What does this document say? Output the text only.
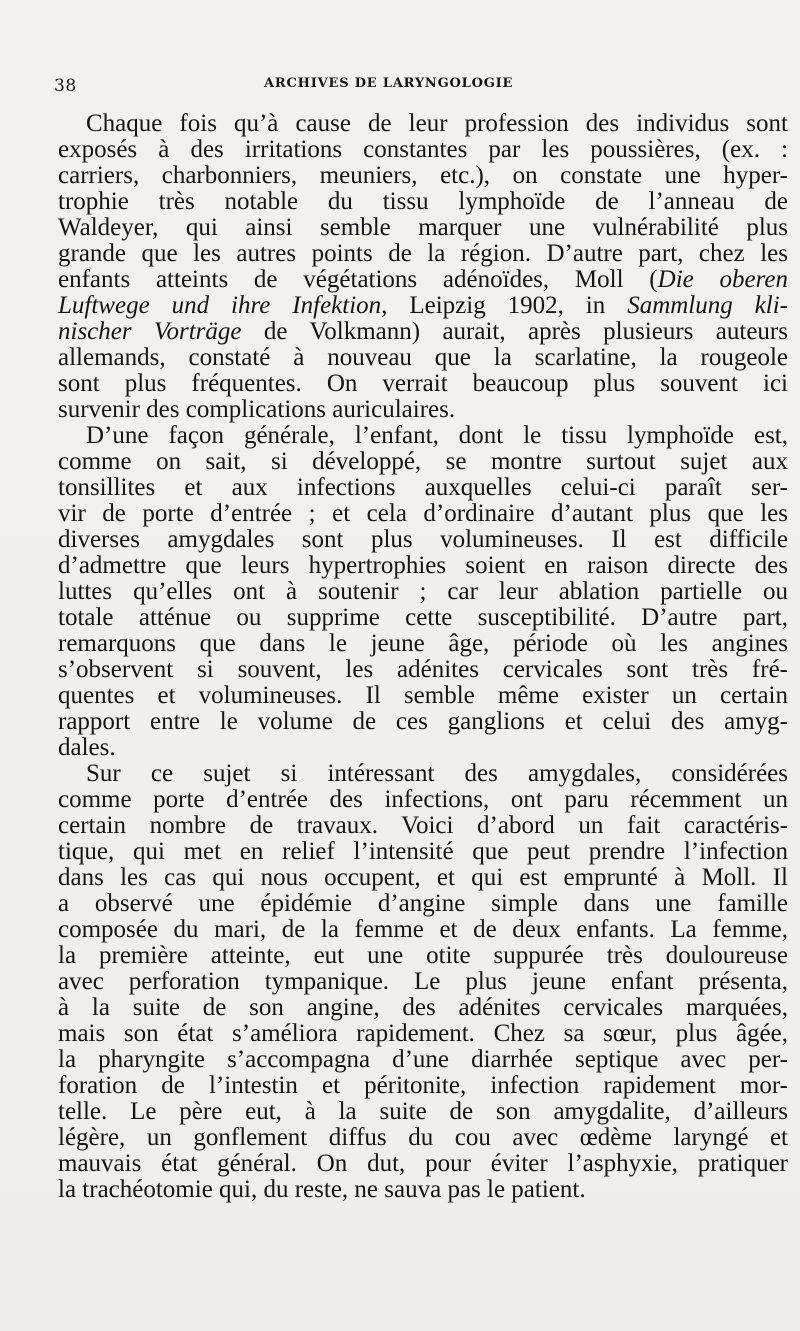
38	ARCHIVES DE LARYNGOLOGIE
Chaque fois qu’à cause de leur profession des individus sont
exposés à des irritations constantes par les poussières, (ex. :
carriers, charbonniers, meuniers, etc.), on constate une hyper-
trophie très notable du tissu lymphoïde de l’anneau de
Waldeyer, qui ainsi semble marquer une vulnérabilité plus
grande que les autres points de la région. D’autre part, chez les
enfants atteints de végétations adénoïdes, Moll (Die oberen
Luftwege und ihre Infektion, Leipzig 1902, in Sammlung kli-
nischer Vorträge de Volkmann) aurait, après plusieurs auteurs
allemands, constaté à nouveau que la scarlatine, la rougeole
sont plus fréquentes. On verrait beaucoup plus souvent ici
survenir des complications auriculaires.
D’une façon générale, l’enfant, dont le tissu lymphoïde est,
comme on sait, si développé, se montre surtout sujet aux
tonsillites et aux infections auxquelles celui-ci paraît ser-
vir de porte d’entrée ; et cela d’ordinaire d’autant plus que les
diverses amygdales sont plus volumineuses. Il est difficile
d’admettre que leurs hypertrophies soient en raison directe des
luttes qu’elles ont à soutenir ; car leur ablation partielle ou
totale atténue ou supprime cette susceptibilité. D’autre part,
remarquons que dans le jeune âge, période où les angines
s’observent si souvent, les adénites cervicales sont très fré-
quentes et volumineuses. Il semble même exister un certain
rapport entre le volume de ces ganglions et celui des amyg-
dales.
Sur ce sujet si intéressant des amygdales, considérées
comme porte d’entrée des infections, ont paru récemment un
certain nombre de travaux. Voici d’abord un fait caractéris-
tique, qui met en relief l’intensité que peut prendre l’infection
dans les cas qui nous occupent, et qui est emprunté à Moll. Il
a observé une épidémie d’angine simple dans une famille
composée du mari, de la femme et de deux enfants. La femme,
la première atteinte, eut une otite suppurée très douloureuse
avec perforation tympanique. Le plus jeune enfant présenta,
à la suite de son angine, des adénites cervicales marquées,
mais son état s’améliora rapidement. Chez sa sœur, plus âgée,
la pharyngite s’accompagna d’une diarrhée septique avec per-
foration de l’intestin et péritonite, infection rapidement mor-
telle. Le père eut, à la suite de son amygdalite, d’ailleurs
légère, un gonflement diffus du cou avec œdème laryngé et
mauvais état général. On dut, pour éviter l’asphyxie, pratiquer
la trachéotomie qui, du reste, ne sauva pas le patient.
